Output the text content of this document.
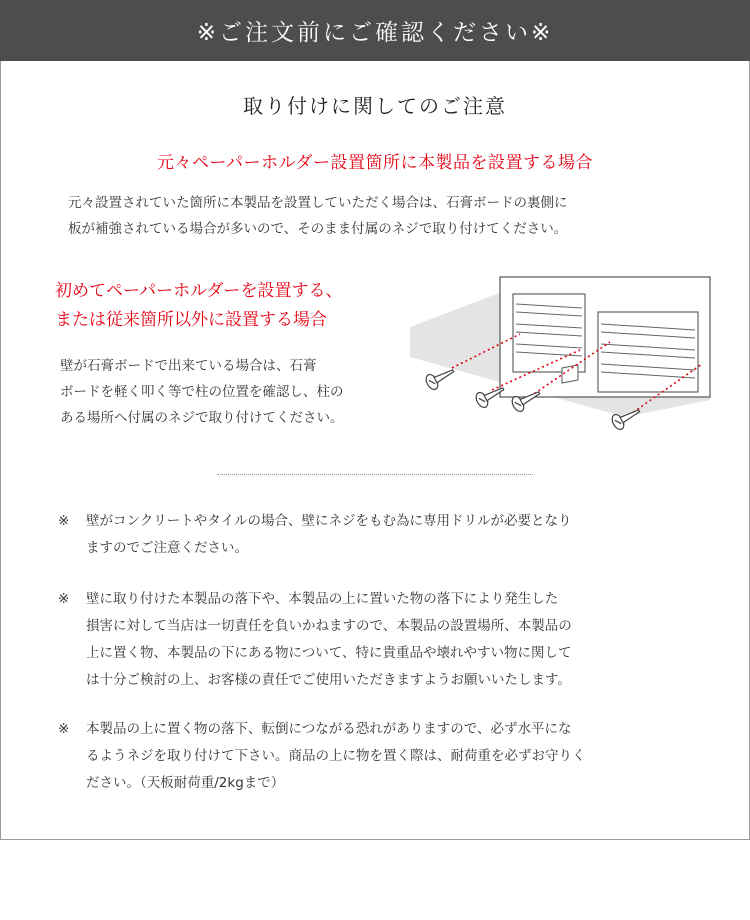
※ご注文前にご確認ください※
取り付けに関してのご注意
元々ペーパーホルダー設置箇所に本製品を設置する場合
元々設置されていた箇所に本製品を設置していただく場合は、石膏ボードの裏側に
板が補強されている場合が多いので、そのまま付属のネジで取り付けてください。
初めてペーパーホルダーを設置する、
または従来箇所以外に設置する場合
壁が石膏ボードで出来ている場合は、石膏
ボードを軽く叩く等で柱の位置を確認し、柱の
ある場所へ付属のネジで取り付けてください。
※	壁がコンクリートやタイルの場合、壁にネジをもむ為に専用ドリルが必要となり
ますのでご注意ください。
※	壁に取り付けた本製品の落下や、本製品の上に置いた物の落下により発生した
損害に対して当店は一切責任を負いかねますので、本製品の設置場所、本製品の
上に置く物、本製品の下にある物について、特に貴重品や壊れやすい物に関して
は十分ご検討の上、お客様の責任でご使用いただきますようお願いいたします。
※	本製品の上に置く物の落下、転倒につながる恐れがありますので、必ず水平にな
るようネジを取り付けて下さい。商品の上に物を置く際は、耐荷重を必ずお守りく
ださい。（天板耐荷重/2kgまで）
